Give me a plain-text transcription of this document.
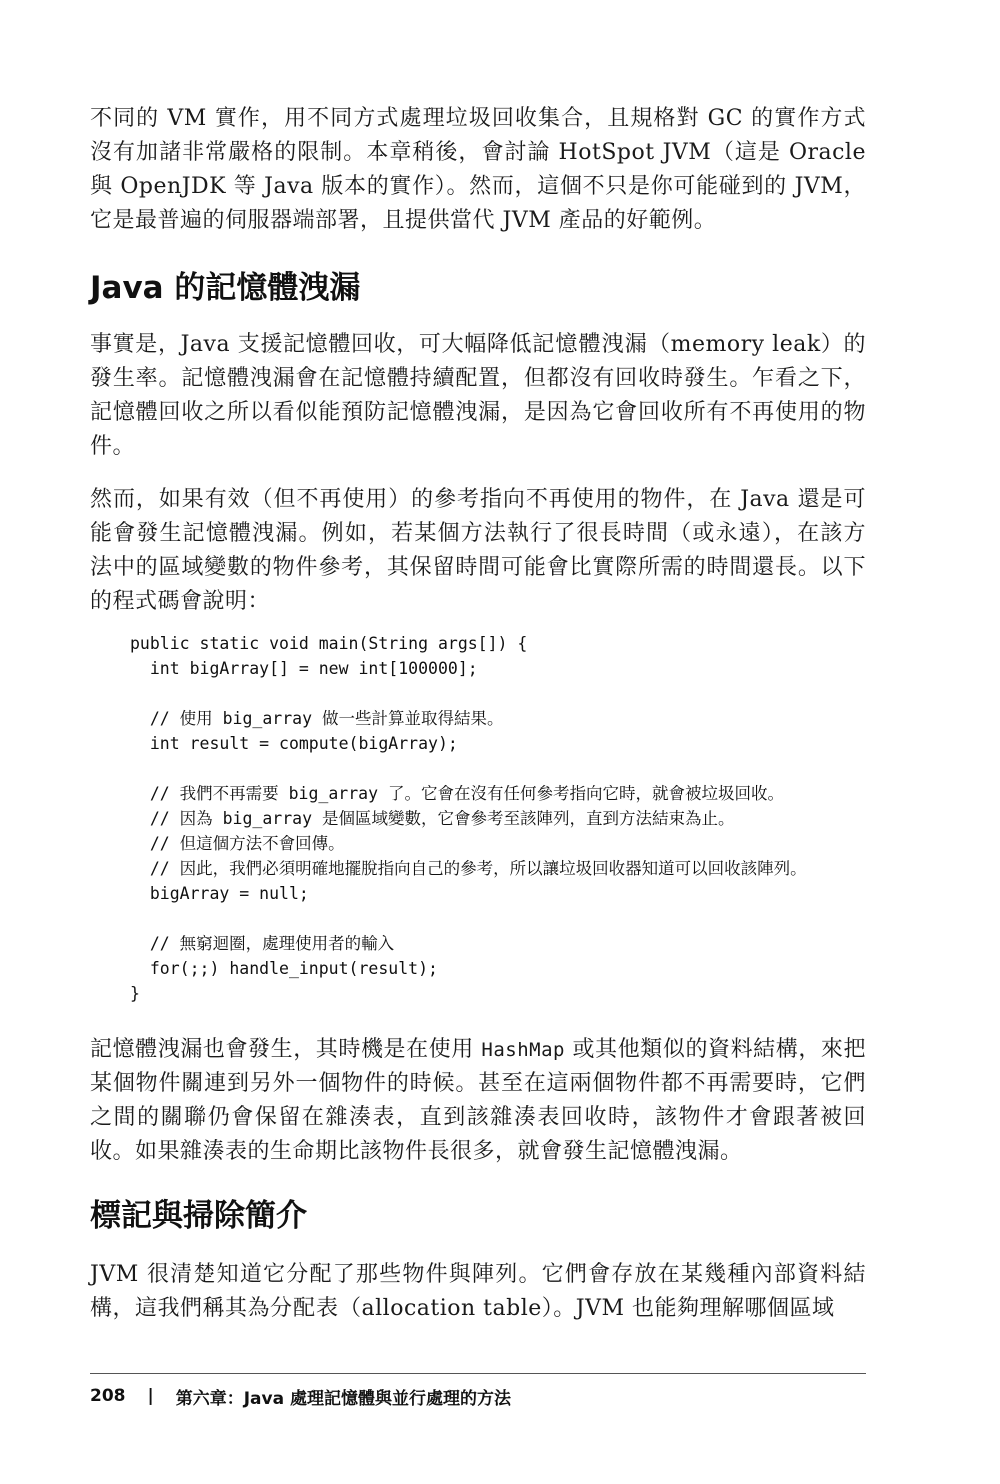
不同的 VM 實作，用不同方式處理垃圾回收集合，且規格對 GC 的實作方式沒有加諸非常嚴格的限制。本章稍後，會討論 HotSpot JVM（這是 Oracle 與 OpenJDK 等 Java 版本的實作）。然而，這個不只是你可能碰到的 JVM，它是最普遍的伺服器端部署，且提供當代 JVM 產品的好範例。

Java 的記憶體洩漏

事實是，Java 支援記憶體回收，可大幅降低記憶體洩漏（memory leak）的發生率。記憶體洩漏會在記憶體持續配置，但都沒有回收時發生。乍看之下，記憶體回收之所以看似能預防記憶體洩漏，是因為它會回收所有不再使用的物件。

然而，如果有效（但不再使用）的參考指向不再使用的物件，在 Java 還是可能會發生記憶體洩漏。例如，若某個方法執行了很長時間（或永遠），在該方法中的區域變數的物件參考，其保留時間可能會比實際所需的時間還長。以下的程式碼會說明：

public static void main(String args[]) {
int bigArray[] = new int[100000];
// 使用 big_array 做一些計算並取得結果。
int result = compute(bigArray);
// 我們不再需要 big_array 了。它會在沒有任何參考指向它時，就會被垃圾回收。
// 因為 big_array 是個區域變數，它會參考至該陣列，直到方法結束為止。
// 但這個方法不會回傳。
// 因此，我們必須明確地擺脫指向自己的參考，所以讓垃圾回收器知道可以回收該陣列。
bigArray = null;
// 無窮迴圈，處理使用者的輸入
for(;;) handle_input(result);
}

記憶體洩漏也會發生，其時機是在使用 HashMap 或其他類似的資料結構，來把某個物件關連到另外一個物件的時候。甚至在這兩個物件都不再需要時，它們之間的關聯仍會保留在雜湊表，直到該雜湊表回收時，該物件才會跟著被回收。如果雜湊表的生命期比該物件長很多，就會發生記憶體洩漏。

標記與掃除簡介

JVM 很清楚知道它分配了那些物件與陣列。它們會存放在某幾種內部資料結構，這我們稱其為分配表（allocation table）。JVM 也能夠理解哪個區域

208 | 第六章：Java 處理記憶體與並行處理的方法
